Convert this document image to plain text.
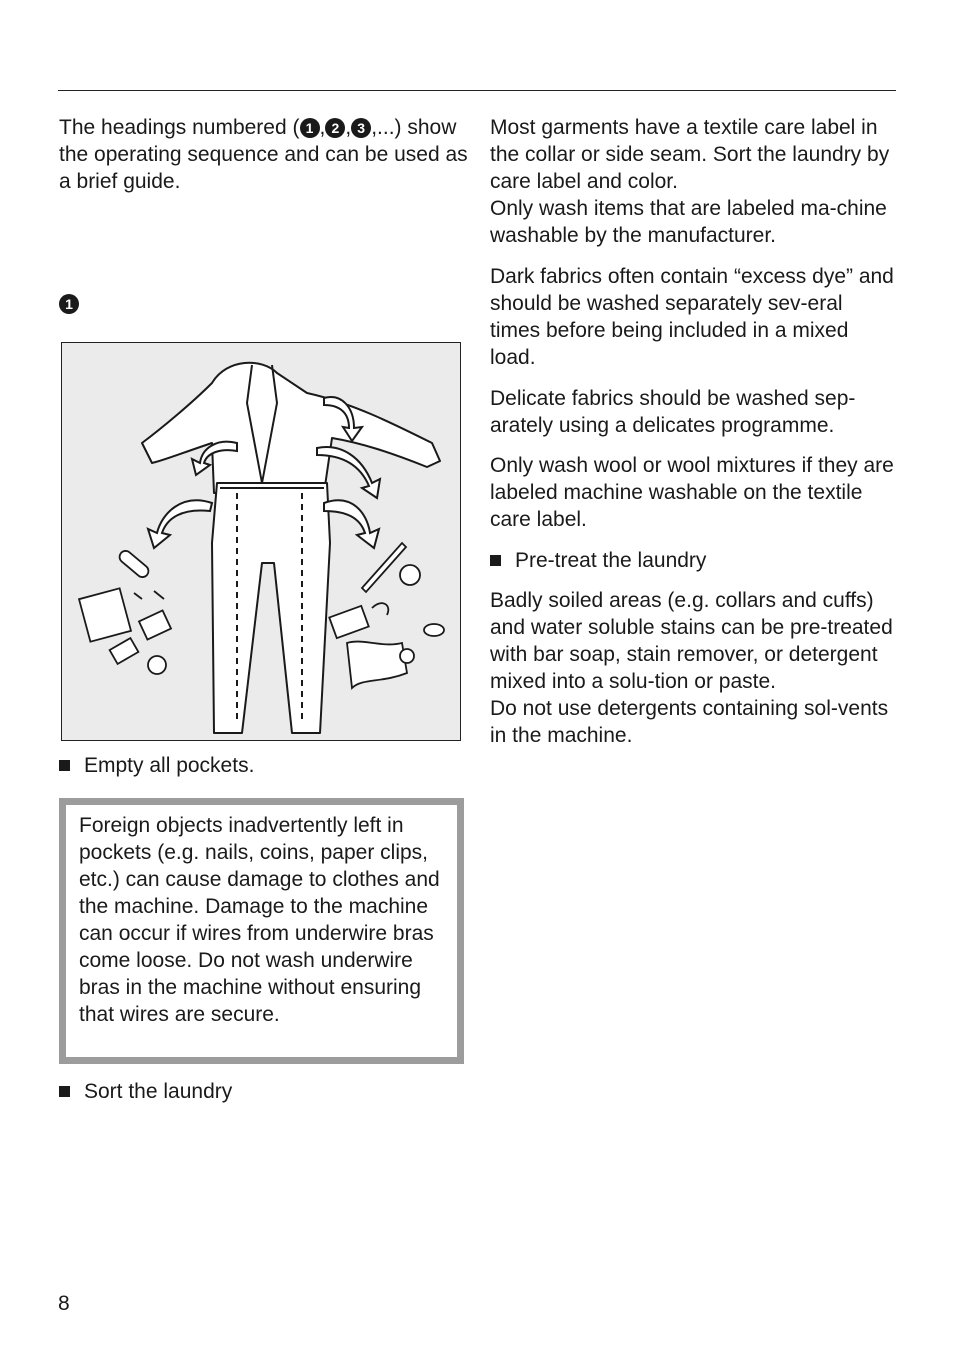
The headings numbered ( 1 , 2 , 3 ,...) show the operating sequence and can be used as a brief guide.

1
Empty all pockets.

Foreign objects inadvertently left in pockets (e.g. nails, coins, paper clips, etc.) can cause damage to clothes and the machine. Damage to the machine can occur if wires from underwire bras come loose. Do not wash underwire bras in the machine without ensuring that wires are secure.

Sort the laundry

Most garments have a textile care label in the collar or side seam. Sort the laundry by care label and color.

Only wash items that are labeled ma-chine washable by the manufacturer.

Dark fabrics often contain “excess dye” and should be washed separately sev-eral times before being included in a mixed load.

Delicate fabrics should be washed sep-arately using a delicates programme.

Only wash wool or wool mixtures if they are labeled machine washable on the textile care label.

Pre-treat the laundry

Badly soiled areas (e.g. collars and cuffs) and water soluble stains can be pre-treated with bar soap, stain remover, or detergent mixed into a solu-tion or paste.

Do not use detergents containing sol-vents in the machine.

8
